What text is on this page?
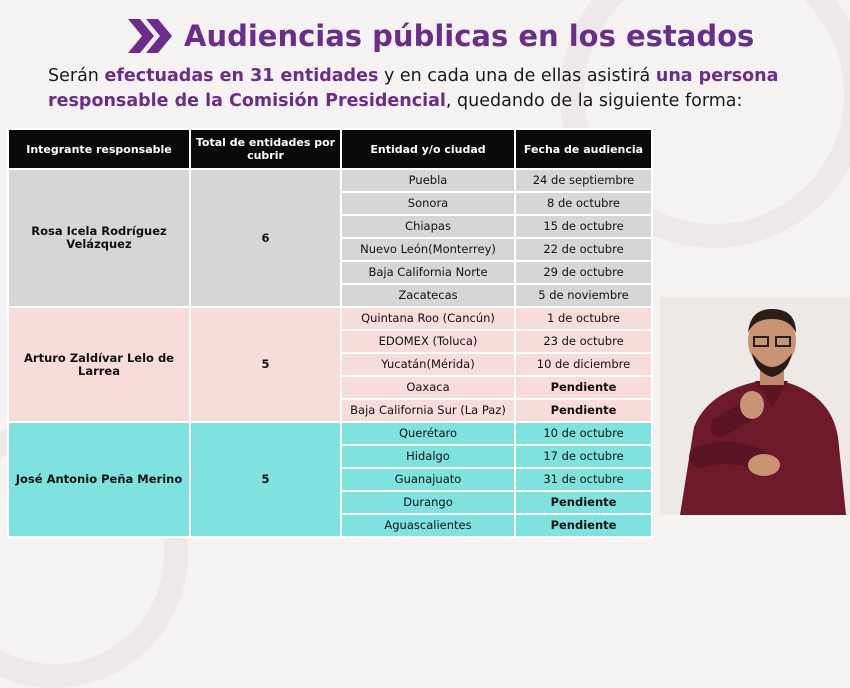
Audiencias públicas en los estados
Serán efectuadas en 31 entidades y en cada una de ellas asistirá una persona responsable de la Comisión Presidencial, quedando de la siguiente forma:
Integrante responsable	Total de entidades por cubrir	Entidad y/o ciudad	Fecha de audiencia
Rosa Icela Rodríguez Velázquez	6	Puebla	24 de septiembre
		Sonora	8 de octubre
		Chiapas	15 de octubre
		Nuevo León(Monterrey)	22 de octubre
		Baja California Norte	29 de octubre
		Zacatecas	5 de noviembre
Arturo Zaldívar Lelo de Larrea	5	Quintana Roo (Cancún)	1 de octubre
		EDOMEX (Toluca)	23 de octubre
		Yucatán(Mérida)	10 de diciembre
		Oaxaca	Pendiente
		Baja California Sur (La Paz)	Pendiente
José Antonio Peña Merino	5	Querétaro	10 de octubre
		Hidalgo	17 de octubre
		Guanajuato	31 de octubre
		Durango	Pendiente
		Aguascalientes	Pendiente
